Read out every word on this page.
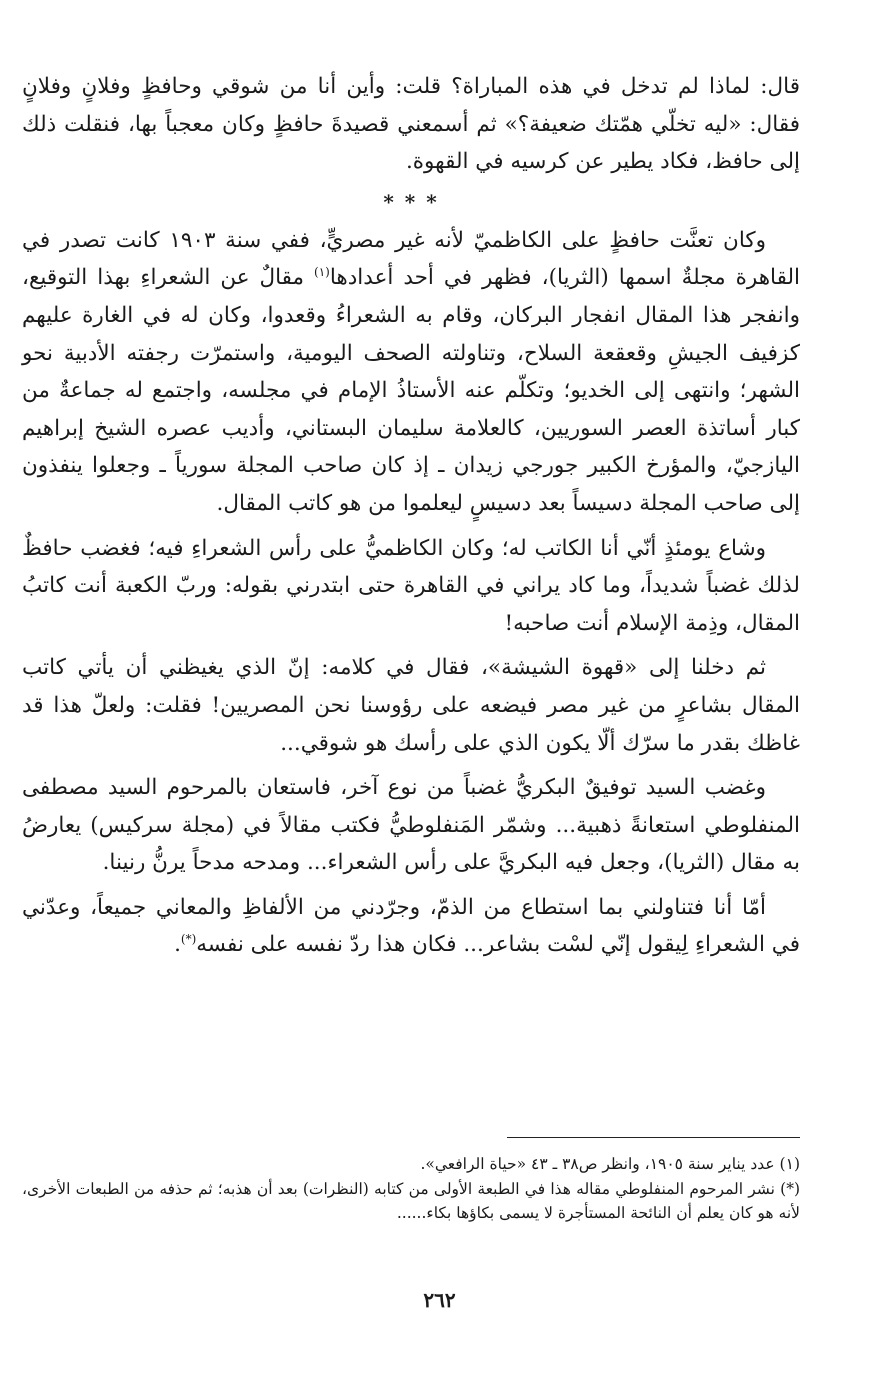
قال: لماذا لم تدخل في هذه المباراة؟ قلت: وأين أنا من شوقي وحافظٍ وفلانٍ وفلانٍ فقال: «ليه تخلّي همّتك ضعيفة؟» ثم أسمعني قصيدةَ حافظٍ وكان معجباً بها، فنقلت ذلك إلى حافظ، فكاد يطير عن كرسيه في القهوة.

* * *

وكان تعنَّت حافظٍ على الكاظميّ لأنه غير مصريٍّ، ففي سنة ١٩٠٣ كانت تصدر في القاهرة مجلةٌ اسمها (الثريا)، فظهر في أحد أعدادها$^{(١)}$ مقالٌ عن الشعراءِ بهذا التوقيع، وانفجر هذا المقال انفجار البركان، وقام به الشعراءُ وقعدوا، وكان له في الغارة عليهم كزفيف الجيشِ وقعقعة السلاح، وتناولته الصحف اليومية، واستمرّت رجفته الأدبية نحو الشهر؛ وانتهى إلى الخديو؛ وتكلّم عنه الأستاذُ الإمام في مجلسه، واجتمع له جماعةٌ من كبار أساتذة العصر السوريين، كالعلامة سليمان البستاني، وأديب عصره الشيخ إبراهيم اليازجيّ، والمؤرخ الكبير جورجي زيدان ـ إذ كان صاحب المجلة سورياً ـ وجعلوا ينفذون إلى صاحب المجلة دسيساً بعد دسيسٍ ليعلموا من هو كاتب المقال.

وشاع يومئذٍ أنّي أنا الكاتب له؛ وكان الكاظميُّ على رأس الشعراءِ فيه؛ فغضب حافظٌ لذلك غضباً شديداً، وما كاد يراني في القاهرة حتى ابتدرني بقوله: وربّ الكعبة أنت كاتبُ المقال، وذِمة الإسلام أنت صاحبه!

ثم دخلنا إلى «قهوة الشيشة»، فقال في كلامه: إنّ الذي يغيظني أن يأتي كاتب المقال بشاعرٍ من غير مصر فيضعه على رؤوسنا نحن المصريين! فقلت: ولعلّ هذا قد غاظك بقدر ما سرّك ألّا يكون الذي على رأسك هو شوقي...

وغضب السيد توفيقٌ البكريُّ غضباً من نوع آخر، فاستعان بالمرحوم السيد مصطفى المنفلوطي استعانةً ذهبية... وشمّر المَنفلوطيُّ فكتب مقالاً في (مجلة سركيس) يعارضُ به مقال (الثريا)، وجعل فيه البكريَّ على رأس الشعراء... ومدحه مدحاً يرنُّ رنينا.

أمّا أنا فتناولني بما استطاع من الذمّ، وجرّدني من الألفاظِ والمعاني جميعاً، وعدّني في الشعراءِ لِيقول إنّي لسْت بشاعر... فكان هذا ردّ نفسه على نفسه(*).

(١) عدد يناير سنة ١٩٠٥، وانظر ص٣٨ ـ ٤٣ «حياة الرافعي».

(*) نشر المرحوم المنفلوطي مقاله هذا في الطبعة الأولى من كتابه (النظرات) بعد أن هذبه؛ ثم حذفه من الطبعات الأخرى، لأنه هو كان يعلم أن النائحة المستأجرة لا يسمى بكاؤها بكاء......

٢٦٢
